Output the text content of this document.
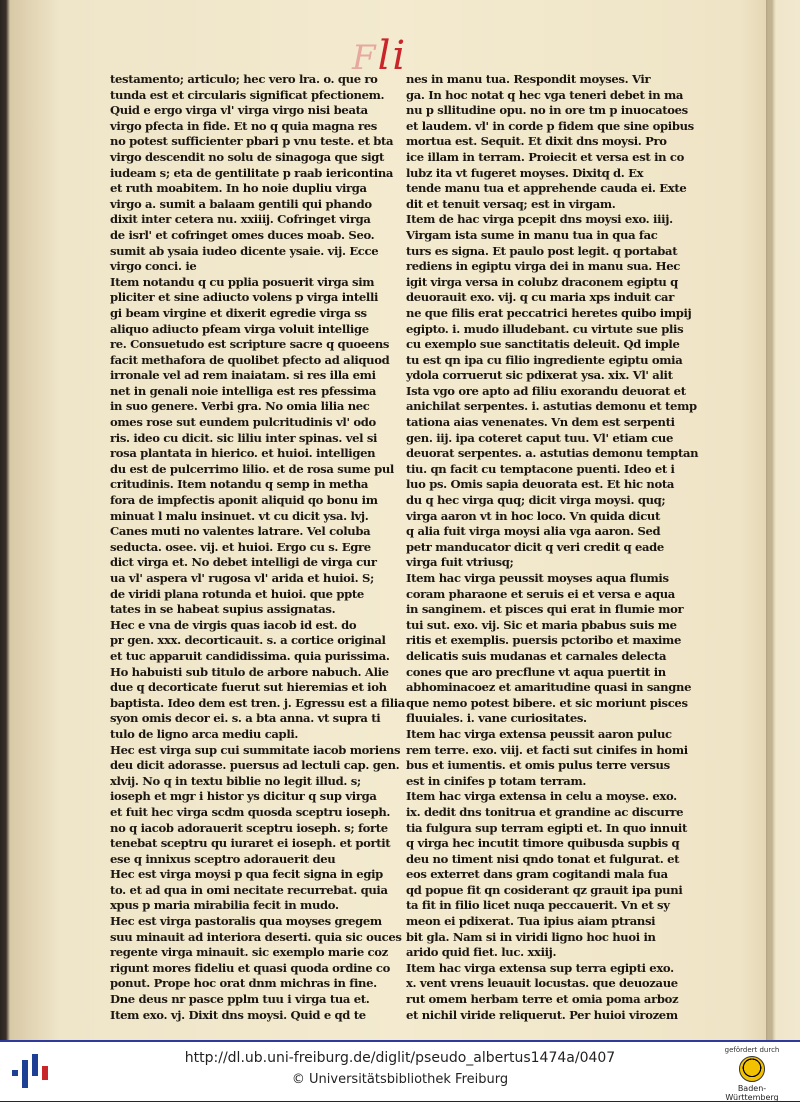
Fli
testamento; articulo; hec vero lra. o. que ro
tunda est et circularis significat pfectionem.
Quid e ergo virga vl' virga virgo nisi beata
virgo pfecta in fide. Et no q quia magna res
no potest sufficienter pbari p vnu teste. et bta
virgo descendit no solu de sinagoga que sigt
iudeam s; eta de gentilitate p raab iericontina
et ruth moabitem. In ho noie dupliu virga
virgo a. sumit a balaam gentili qui phando
dixit inter cetera nu. xxiiij. Cofringet virga
de isrl' et cofringet omes duces moab. Seo.
sumit ab ysaia iudeo dicente ysaie. vij. Ecce
virgo conci. ie
Item notandu q cu pplia posuerit virga sim
pliciter et sine adiucto volens p virga intelli
gi beam virgine et dixerit egredie virga ss
aliquo adiucto pfeam virga voluit intellige
re. Consuetudo est scripture sacre q quoeens
facit methafora de quolibet pfecto ad aliquod
irronale vel ad rem inaiatam. si res illa emi
net in genali noie intelliga est res pfessima
in suo genere. Verbi gra. No omia lilia nec
omes rose sut eundem pulcritudinis vl' odo
ris. ideo cu dicit. sic liliu inter spinas. vel si
rosa plantata in hierico. et huioi. intelligen
du est de pulcerrimo lilio. et de rosa sume pul
critudinis. Item notandu q semp in metha
fora de impfectis aponit aliquid qo bonu im
minuat l malu insinuet. vt cu dicit ysa. lvj.
Canes muti no valentes latrare. Vel coluba
seducta. osee. vij. et huioi. Ergo cu s. Egre
dict virga et. No debet intelligi de virga cur
ua vl' aspera vl' rugosa vl' arida et huioi. S;
de viridi plana rotunda et huioi. que ppte
tates in se habeat supius assignatas.
Hec e vna de virgis quas iacob id est. do
pr gen. xxx. decorticauit. s. a cortice original
et tuc apparuit candidissima. quia purissima.
Ho habuisti sub titulo de arbore nabuch. Alie
due q decorticate fuerut sut hieremias et ioh
baptista. Ideo dem est tren. j. Egressu est a filia
syon omis decor ei. s. a bta anna. vt supra ti
tulo de ligno arca mediu capli.
Hec est virga sup cui summitate iacob moriens
deu dicit adorasse. puersus ad lectuli cap. gen.
xlvij. No q in textu biblie no legit illud. s;
ioseph et mgr i histor ys dicitur q sup virga
et fuit hec virga scdm quosda sceptru ioseph.
no q iacob adorauerit sceptru ioseph. s; forte
tenebat sceptru qu iuraret ei ioseph. et portit
ese q innixus sceptro adorauerit deu
Hec est virga moysi p qua fecit signa in egip
to. et ad qua in omi necitate recurrebat. quia
xpus p maria mirabilia fecit in mudo.
Hec est virga pastoralis qua moyses gregem
suu minauit ad interiora deserti. quia sic ouces
regente virga minauit. sic exemplo marie coz
rigunt mores fideliu et quasi quoda ordine co
ponut. Prope hoc orat dnm michras in fine.
Dne deus nr pasce pplm tuu i virga tua et.
Item exo. vj. Dixit dns moysi. Quid e qd te
nes in manu tua. Respondit moyses. Vir
ga. In hoc notat q hec vga teneri debet in ma
nu p sllitudine opu. no in ore tm p inuocatoes
et laudem. vl' in corde p fidem que sine opibus
mortua est. Sequit. Et dixit dns moysi. Pro
ice illam in terram. Proiecit et versa est in co
lubz ita vt fugeret moyses. Dixitq d. Ex
tende manu tua et apprehende cauda ei. Exte
dit et tenuit versaq; est in virgam.
Item de hac virga pcepit dns moysi exo. iiij.
Virgam ista sume in manu tua in qua fac
turs es signa. Et paulo post legit. q portabat
rediens in egiptu virga dei in manu sua. Hec
igit virga versa in colubz draconem egiptu q
deuorauit exo. vij. q cu maria xps induit car
ne que filis erat peccatrici heretes quibo impij
egipto. i. mudo illudebant. cu virtute sue plis
cu exemplo sue sanctitatis deleuit. Qd imple
tu est qn ipa cu filio ingrediente egiptu omia
ydola corruerut sic pdixerat ysa. xix. Vl' alit
Ista vgo ore apto ad filiu exorandu deuorat et
anichilat serpentes. i. astutias demonu et temp
tationa aias venenates. Vn dem est serpenti
gen. iij. ipa coteret caput tuu. Vl' etiam cue
deuorat serpentes. a. astutias demonu temptan
tiu. qn facit cu temptacone puenti. Ideo et i
luo ps. Omis sapia deuorata est. Et hic nota
du q hec virga quq; dicit virga moysi. quq;
virga aaron vt in hoc loco. Vn quida dicut
q alia fuit virga moysi alia vga aaron. Sed
petr manducator dicit q veri credit q eade
virga fuit vtriusq;
Item hac virga peussit moyses aqua flumis
coram pharaone et seruis ei et versa e aqua
in sanginem. et pisces qui erat in flumie mor
tui sut. exo. vij. Sic et maria pbabus suis me
ritis et exemplis. puersis pctoribo et maxime
delicatis suis mudanas et carnales delecta
cones que aro precflune vt aqua puertit in
abhominacoez et amaritudine quasi in sangne
que nemo potest bibere. et sic moriunt pisces
fluuiales. i. vane curiositates.
Item hac virga extensa peussit aaron puluc
rem terre. exo. viij. et facti sut cinifes in homi
bus et iumentis. et omis pulus terre versus
est in cinifes p totam terram.
Item hac virga extensa in celu a moyse. exo.
ix. dedit dns tonitrua et grandine ac discurre
tia fulgura sup terram egipti et. In quo innuit
q virga hec incutit timore quibusda supbis q
deu no timent nisi qndo tonat et fulgurat. et
eos exterret dans gram cogitandi mala fua
qd popue fit qn cosiderant qz grauit ipa puni
ta fit in filio licet nuqa peccauerit. Vn et sy
meon ei pdixerat. Tua ipius aiam ptransi
bit gla. Nam si in viridi ligno hoc huoi in
arido quid fiet. luc. xxiij.
Item hac virga extensa sup terra egipti exo.
x. vent vrens leuauit locustas. que deuozaue
rut omem herbam terre et omia poma arboz
et nichil viride reliquerut. Per huioi virozem
http://dl.ub.uni-freiburg.de/diglit/pseudo_albertus1474a/0407
© Universitätsbibliothek Freiburg
gefördert durch
Baden-Württemberg
